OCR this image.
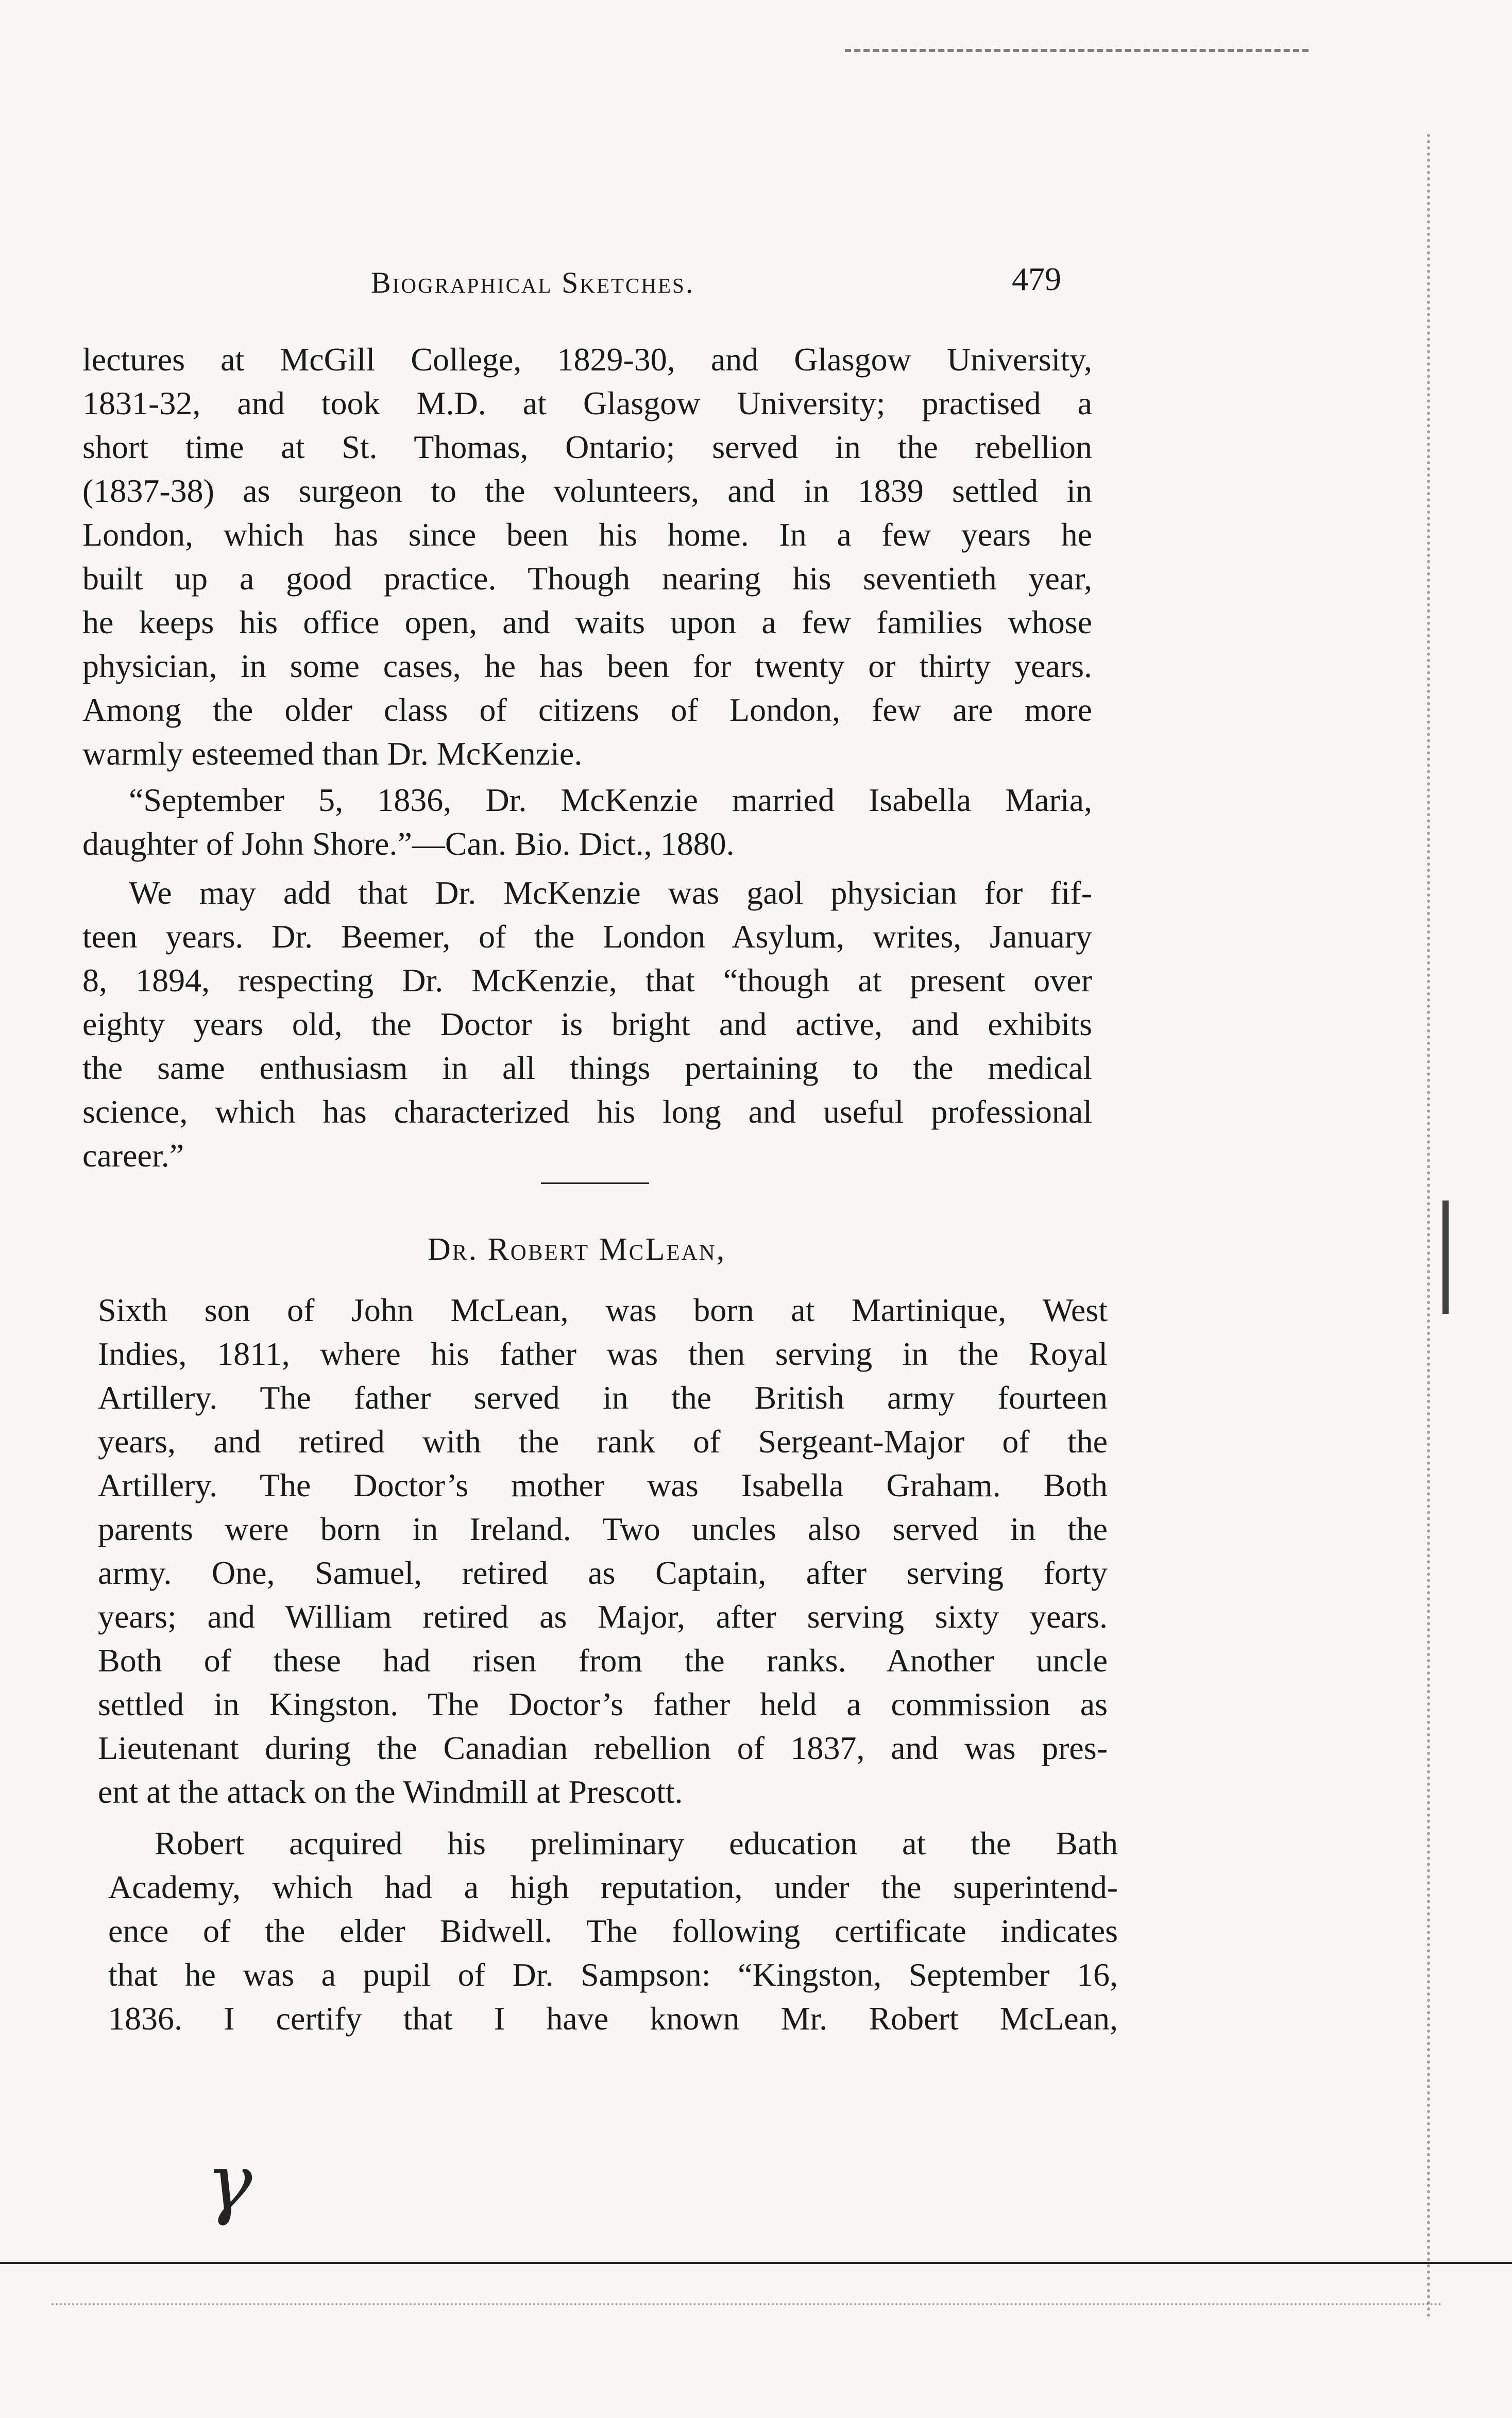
Biographical Sketches.	479

lectures at McGill College, 1829-30, and Glasgow University,
1831-32, and took M.D. at Glasgow University; practised a
short time at St. Thomas, Ontario; served in the rebellion
(1837-38) as surgeon to the volunteers, and in 1839 settled in
London, which has since been his home. In a few years he
built up a good practice. Though nearing his seventieth year,
he keeps his office open, and waits upon a few families whose
physician, in some cases, he has been for twenty or thirty years.
Among the older class of citizens of London, few are more
warmly esteemed than Dr. McKenzie.

“September 5, 1836, Dr. McKenzie married Isabella Maria,
daughter of John Shore.”—Can. Bio. Dict., 1880.

We may add that Dr. McKenzie was gaol physician for fif-
teen years. Dr. Beemer, of the London Asylum, writes, January
8, 1894, respecting Dr. McKenzie, that “though at present over
eighty years old, the Doctor is bright and active, and exhibits
the same enthusiasm in all things pertaining to the medical
science, which has characterized his long and useful professional
career.”

Dr. Robert McLean,

Sixth son of John McLean, was born at Martinique, West
Indies, 1811, where his father was then serving in the Royal
Artillery. The father served in the British army fourteen
years, and retired with the rank of Sergeant-Major of the
Artillery. The Doctor’s mother was Isabella Graham. Both
parents were born in Ireland. Two uncles also served in the
army. One, Samuel, retired as Captain, after serving forty
years; and William retired as Major, after serving sixty years.
Both of these had risen from the ranks. Another uncle
settled in Kingston. The Doctor’s father held a commission as
Lieutenant during the Canadian rebellion of 1837, and was pres-
ent at the attack on the Windmill at Prescott.

Robert acquired his preliminary education at the Bath
Academy, which had a high reputation, under the superintend-
ence of the elder Bidwell. The following certificate indicates
that he was a pupil of Dr. Sampson: “Kingston, September 16,
1836. I certify that I have known Mr. Robert McLean,

γ
